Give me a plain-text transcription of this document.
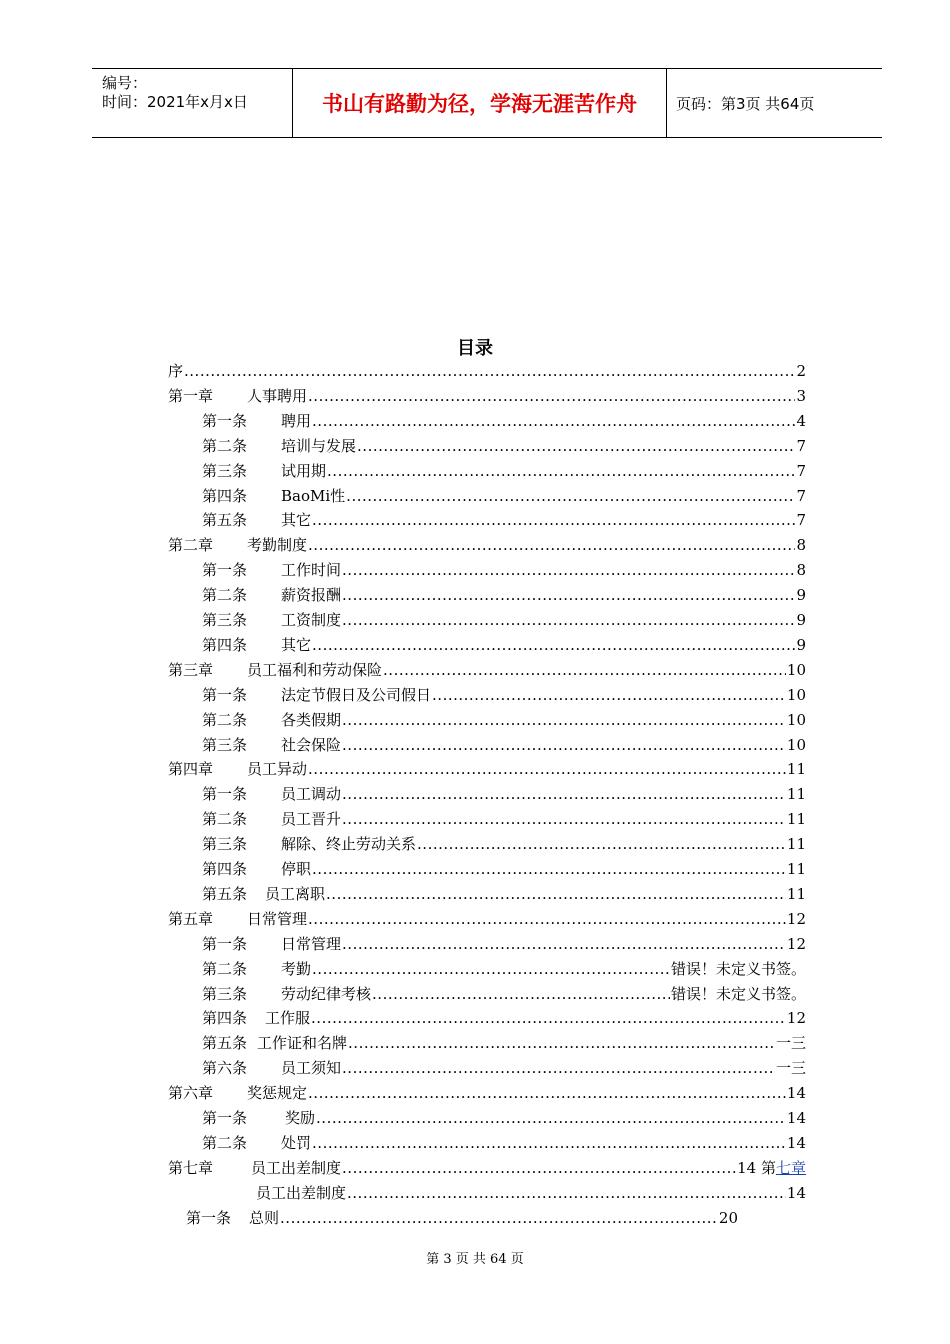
编号：
时间：2021年x月x日	书山有路勤为径，学海无涯苦作舟	页码：第3页 共64页
目录
序 .....	2
第一章 人事聘用 .....	3
第一条 聘用 .....	4
第二条 培训与发展 .....	7
第三条 试用期 .....	7
第四条 BaoMi性 .....	7
第五条 其它 .....	7
第二章 考勤制度 .....	8
第一条 工作时间 .....	8
第二条 薪资报酬 .....	9
第三条 工资制度 .....	9
第四条 其它 .....	9
第三章 员工福利和劳动保险 .....	10
第一条 法定节假日及公司假日 .....	10
第二条 各类假期 .....	10
第三条 社会保险 .....	10
第四章 员工异动 .....	11
第一条 员工调动 .....	11
第二条 员工晋升 .....	11
第三条 解除、终止劳动关系 .....	11
第四条 停职 .....	11
第五条 员工离职 .....	11
第五章 日常管理 .....	12
第一条 日常管理 .....	12
第二条 考勤 .....	错误！未定义书签。
第三条 劳动纪律考核 .....	错误！未定义书签。
第四条 工作服 .....	12
第五条 工作证和名牌 .....	一三
第六条 员工须知 .....	一三
第六章 奖惩规定 .....	14
第一条	奖励 .....	14
第二条 处罚 .....	14
第七章	员工出差制度 .....	14 第七章
员工出差制度 .....	14
第一条 总则 .....	20
第 3 页 共 64 页
